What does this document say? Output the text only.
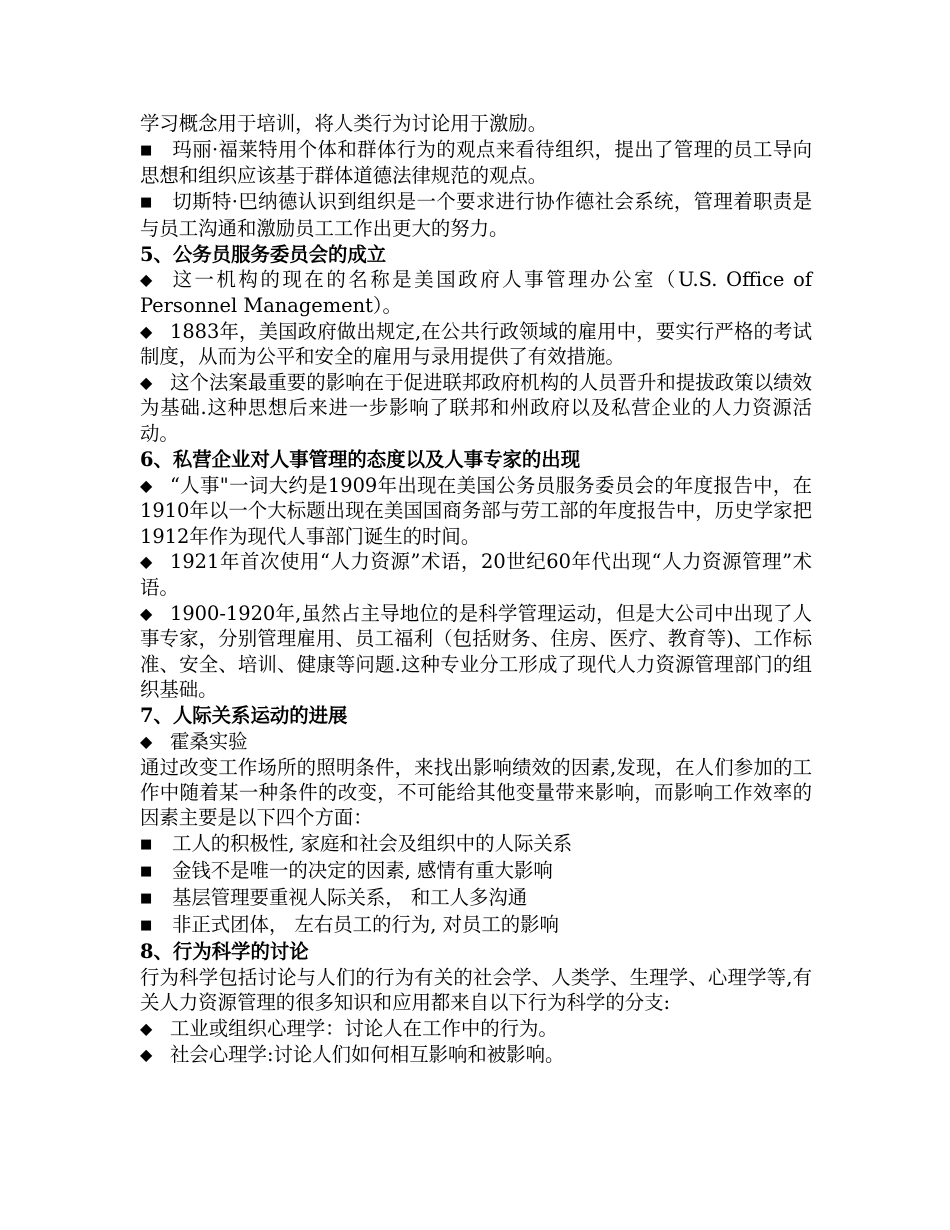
学习概念用于培训，将人类行为讨论用于激励。
■ 玛丽·福莱特用个体和群体行为的观点来看待组织，提出了管理的员工导向思想和组织应该基于群体道德法律规范的观点。
■ 切斯特·巴纳德认识到组织是一个要求进行协作德社会系统，管理着职责是与员工沟通和激励员工工作出更大的努力。
5、公务员服务委员会的成立
◆ 这一机构的现在的名称是美国政府人事管理办公室（U.S. Office of Personnel Management）。
◆ 1883年，美国政府做出规定,在公共行政领域的雇用中，要实行严格的考试制度，从而为公平和安全的雇用与录用提供了有效措施。
◆ 这个法案最重要的影响在于促进联邦政府机构的人员晋升和提拔政策以绩效为基础.这种思想后来进一步影响了联邦和州政府以及私营企业的人力资源活动。
6、私营企业对人事管理的态度以及人事专家的出现
◆ “人事"一词大约是1909年出现在美国公务员服务委员会的年度报告中，在1910年以一个大标题出现在美国国商务部与劳工部的年度报告中，历史学家把1912年作为现代人事部门诞生的时间。
◆ 1921年首次使用“人力资源”术语，20世纪60年代出现“人力资源管理”术语。
◆ 1900-1920年,虽然占主导地位的是科学管理运动，但是大公司中出现了人事专家，分别管理雇用、员工福利（包括财务、住房、医疗、教育等)、工作标准、安全、培训、健康等问题.这种专业分工形成了现代人力资源管理部门的组织基础。
7、人际关系运动的进展
◆ 霍桑实验
通过改变工作场所的照明条件，来找出影响绩效的因素,发现，在人们参加的工作中随着某一种条件的改变，不可能给其他变量带来影响，而影响工作效率的因素主要是以下四个方面：
■ 工人的积极性, 家庭和社会及组织中的人际关系
■ 金钱不是唯一的决定的因素, 感情有重大影响
■ 基层管理要重视人际关系， 和工人多沟通
■ 非正式团体， 左右员工的行为, 对员工的影响
8、行为科学的讨论
行为科学包括讨论与人们的行为有关的社会学、人类学、生理学、心理学等,有关人力资源管理的很多知识和应用都来自以下行为科学的分支:
◆ 工业或组织心理学：讨论人在工作中的行为。
◆ 社会心理学:讨论人们如何相互影响和被影响。
